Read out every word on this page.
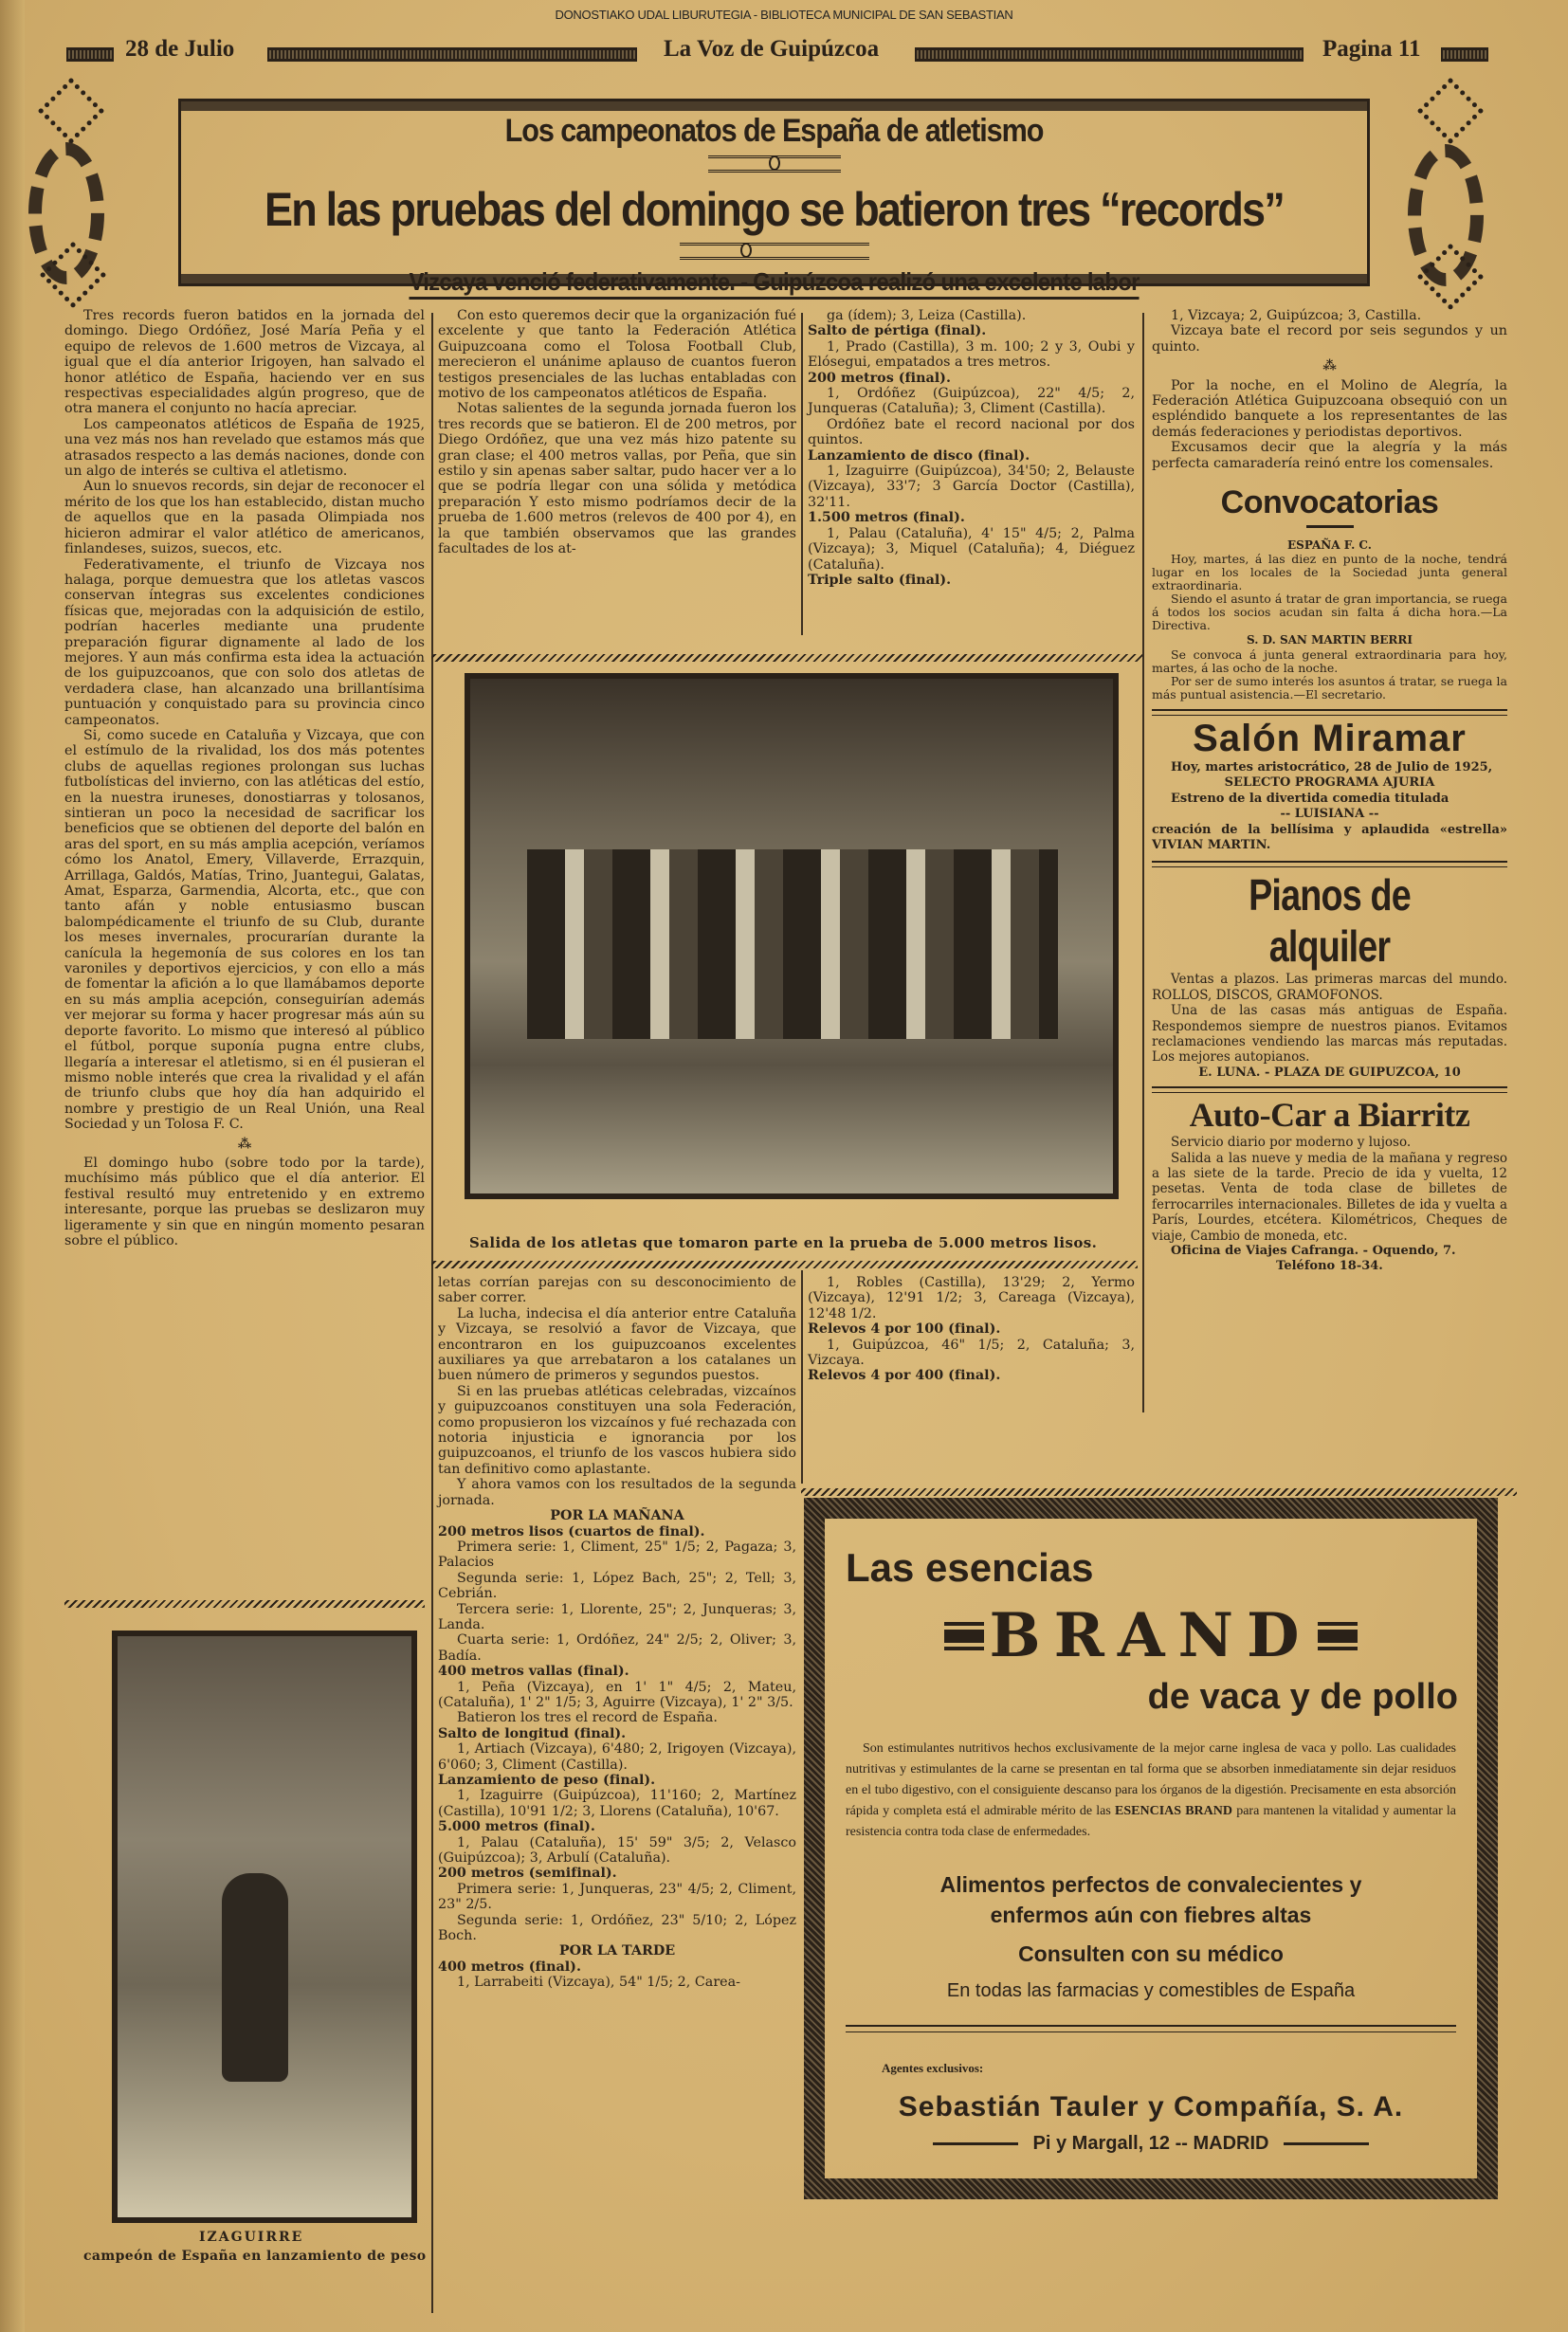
DONOSTIAKO UDAL LIBURUTEGIA - BIBLIOTECA MUNICIPAL DE SAN SEBASTIAN
28 de Julio	La Voz de Guipúzcoa	Pagina 11
Los campeonatos de España de atletismo
En las pruebas del domingo se batieron tres “records”
Vizcaya venció federativamente. - Guipúzcoa realizó una excelente labor

Tres records fueron batidos en la jornada del domingo. Diego Ordóñez, José María Peña y el equipo de relevos de 1.600 metros de Vizcaya, al igual que el día anterior Irigoyen, han salvado el honor atlético de España, haciendo ver en sus respectivas especialidades algún progreso, que de otra manera el conjunto no hacía apreciar.

Los campeonatos atléticos de España de 1925, una vez más nos han revelado que estamos más que atrasados respecto a las demás naciones, donde con un algo de interés se cultiva el atletismo.

Aun lo snuevos records, sin dejar de reconocer el mérito de los que los han establecido, distan mucho de aquellos que en la pasada Olimpiada nos hicieron admirar el valor atlético de americanos, finlandeses, suizos, suecos, etc.

Federativamente, el triunfo de Vizcaya nos halaga, porque demuestra que los atletas vascos conservan íntegras sus excelentes condiciones físicas que, mejoradas con la adquisición de estilo, podrían hacerles mediante una prudente preparación figurar dignamente al lado de los mejores. Y aun más confirma esta idea la actuación de los guipuzcoanos, que con solo dos atletas de verdadera clase, han alcanzado una brillantísima puntuación y conquistado para su provincia cinco campeonatos.

Si, como sucede en Cataluña y Vizcaya, que con el estímulo de la rivalidad, los dos más potentes clubs de aquellas regiones prolongan sus luchas futbolísticas del invierno, con las atléticas del estío, en la nuestra iruneses, donostiarras y tolosanos, sintieran un poco la necesidad de sacrificar los beneficios que se obtienen del deporte del balón en aras del sport, en su más amplia acepción, veríamos cómo los Anatol, Emery, Villaverde, Errazquin, Arrillaga, Galdós, Matías, Trino, Juantegui, Galatas, Amat, Esparza, Garmendia, Alcorta, etc., que con tanto afán y noble entusiasmo buscan balompédicamente el triunfo de su Club, durante los meses invernales, procurarían durante la canícula la hegemonía de sus colores en los tan varoniles y deportivos ejercicios, y con ello a más de fomentar la afición a lo que llamábamos deporte en su más amplia acepción, conseguirían además ver mejorar su forma y hacer progresar más aún su deporte favorito. Lo mismo que interesó al público el fútbol, porque suponía pugna entre clubs, llegaría a interesar el atletismo, si en él pusieran el mismo noble interés que crea la rivalidad y el afán de triunfo clubs que hoy día han adquirido el nombre y prestigio de un Real Unión, una Real Sociedad y un Tolosa F. C.

⁂

El domingo hubo (sobre todo por la tarde), muchísimo más público que el día anterior. El festival resultó muy entretenido y en extremo interesante, porque las pruebas se deslizaron muy ligeramente y sin que en ningún momento pesaran sobre el público.

IZAGUIRRE
campeón de España en lanzamiento de peso

Con esto queremos decir que la organización fué excelente y que tanto la Federación Atlética Guipuzcoana como el Tolosa Football Club, merecieron el unánime aplauso de cuantos fueron testigos presenciales de las luchas entabladas con motivo de los campeonatos atléticos de España.

Notas salientes de la segunda jornada fueron los tres records que se batieron. El de 200 metros, por Diego Ordóñez, que una vez más hizo patente su gran clase; el 400 metros vallas, por Peña, que sin estilo y sin apenas saber saltar, pudo hacer ver a lo que se podría llegar con una sólida y metódica preparación Y esto mismo podríamos decir de la prueba de 1.600 metros (relevos de 400 por 4), en la que también observamos que las grandes facultades de los at-

ga (ídem); 3, Leiza (Castilla).

Salto de pértiga (final).

1, Prado (Castilla), 3 m. 100; 2 y 3, Oubi y Elósegui, empatados a tres metros.

200 metros (final).

1, Ordóñez (Guipúzcoa), 22" 4/5; 2, Junqueras (Cataluña); 3, Climent (Castilla).

Ordóñez bate el record nacional por dos quintos.

Lanzamiento de disco (final).

1, Izaguirre (Guipúzcoa), 34'50; 2, Belauste (Vizcaya), 33'7; 3 García Doctor (Castilla), 32'11.

1.500 metros (final).

1, Palau (Cataluña), 4' 15" 4/5; 2, Palma (Vizcaya); 3, Miquel (Cataluña); 4, Diéguez (Cataluña).

Triple salto (final).

Salida de los atletas que tomaron parte en la prueba de 5.000 metros lisos.

letas corrían parejas con su desconocimiento de saber correr.

La lucha, indecisa el día anterior entre Cataluña y Vizcaya, se resolvió a favor de Vizcaya, que encontraron en los guipuzcoanos excelentes auxiliares ya que arrebataron a los catalanes un buen número de primeros y segundos puestos.

Si en las pruebas atléticas celebradas, vizcaínos y guipuzcoanos constituyen una sola Federación, como propusieron los vizcaínos y fué rechazada con notoria injusticia e ignorancia por los guipuzcoanos, el triunfo de los vascos hubiera sido tan definitivo como aplastante.

Y ahora vamos con los resultados de la segunda jornada.

POR LA MAÑANA

200 metros lisos (cuartos de final).

Primera serie: 1, Climent, 25" 1/5; 2, Pagaza; 3, Palacios

Segunda serie: 1, López Bach, 25"; 2, Tell; 3, Cebrián.

Tercera serie: 1, Llorente, 25"; 2, Junqueras; 3, Landa.

Cuarta serie: 1, Ordóñez, 24" 2/5; 2, Oliver; 3, Badía.

400 metros vallas (final).

1, Peña (Vizcaya), en 1' 1" 4/5; 2, Mateu, (Cataluña), 1' 2" 1/5; 3, Aguirre (Vizcaya), 1' 2" 3/5.

Batieron los tres el record de España.

Salto de longitud (final).

1, Artiach (Vizcaya), 6'480; 2, Irigoyen (Vizcaya), 6'060; 3, Climent (Castilla).

Lanzamiento de peso (final).

1, Izaguirre (Guipúzcoa), 11'160; 2, Martínez (Castilla), 10'91 1/2; 3, Llorens (Cataluña), 10'67.

5.000 metros (final).

1, Palau (Cataluña), 15' 59" 3/5; 2, Velasco (Guipúzcoa); 3, Arbulí (Cataluña).

200 metros (semifinal).

Primera serie: 1, Junqueras, 23" 4/5; 2, Climent, 23" 2/5.

Segunda serie: 1, Ordóñez, 23" 5/10; 2, López Boch.

POR LA TARDE

400 metros (final).

1, Larrabeiti (Vizcaya), 54" 1/5; 2, Carea-

1, Robles (Castilla), 13'29; 2, Yermo (Vizcaya), 12'91 1/2; 3, Careaga (Vizcaya), 12'48 1/2.

Relevos 4 por 100 (final).

1, Guipúzcoa, 46" 1/5; 2, Cataluña; 3, Vizcaya.

Relevos 4 por 400 (final).

1, Vizcaya; 2, Guipúzcoa; 3, Castilla.

Vizcaya bate el record por seis segundos y un quinto.

⁂

Por la noche, en el Molino de Alegría, la Federación Atlética Guipuzcoana obsequió con un espléndido banquete a los representantes de las demás federaciones y periodistas deportivos.

Excusamos decir que la alegría y la más perfecta camaradería reinó entre los comensales.

Convocatorias

ESPAÑA F. C.

Hoy, martes, á las diez en punto de la noche, tendrá lugar en los locales de la Sociedad junta general extraordinaria.

Siendo el asunto á tratar de gran importancia, se ruega á todos los socios acudan sin falta á dicha hora.—La Directiva.

S. D. SAN MARTIN BERRI

Se convoca á junta general extraordinaria para hoy, martes, á las ocho de la noche.

Por ser de sumo interés los asuntos á tratar, se ruega la más puntual asistencia.—El secretario.

Salón Miramar

Hoy, martes aristocrático, 28 de Julio de 1925,

SELECTO PROGRAMA AJURIA

Estreno de la divertida comedia titulada

-- LUISIANA --

creación de la bellísima y aplaudida «estrella» VIVIAN MARTIN.

Pianos de alquiler

Ventas a plazos. Las primeras marcas del mundo. ROLLOS, DISCOS, GRAMOFONOS.

Una de las casas más antiguas de España. Respondemos siempre de nuestros pianos. Evitamos reclamaciones vendiendo las marcas más reputadas. Los mejores autopianos.

E. LUNA. - PLAZA DE GUIPUZCOA, 10

Auto-Car a Biarritz

Servicio diario por moderno y lujoso.

Salida a las nueve y media de la mañana y regreso a las siete de la tarde. Precio de ida y vuelta, 12 pesetas. Venta de toda clase de billetes de ferrocarriles internacionales. Billetes de ida y vuelta a París, Lourdes, etcétera. Kilométricos, Cheques de viaje, Cambio de moneda, etc.

Oficina de Viajes Cafranga. - Oquendo, 7.

Teléfono 18-34.

Las esencias
BRAND
de vaca y de pollo
Son estimulantes nutritivos hechos exclusivamente de la mejor carne inglesa de vaca y pollo. Las cualidades nutritivas y estimulantes de la carne se presentan en tal forma que se absorben inmediatamente sin dejar residuos en el tubo digestivo, con el consiguiente descanso para los órganos de la digestión. Precisamente en esta absorción rápida y completa está el admirable mérito de las ESENCIAS BRAND para mantenen la vitalidad y aumentar la resistencia contra toda clase de enfermedades.
Alimentos perfectos de convalecientes y enfermos aún con fiebres altas
Consulten con su médico
En todas las farmacias y comestibles de España
Agentes exclusivos:
Sebastián Tauler y Compañía, S. A.
Pi y Margall, 12 -- MADRID
